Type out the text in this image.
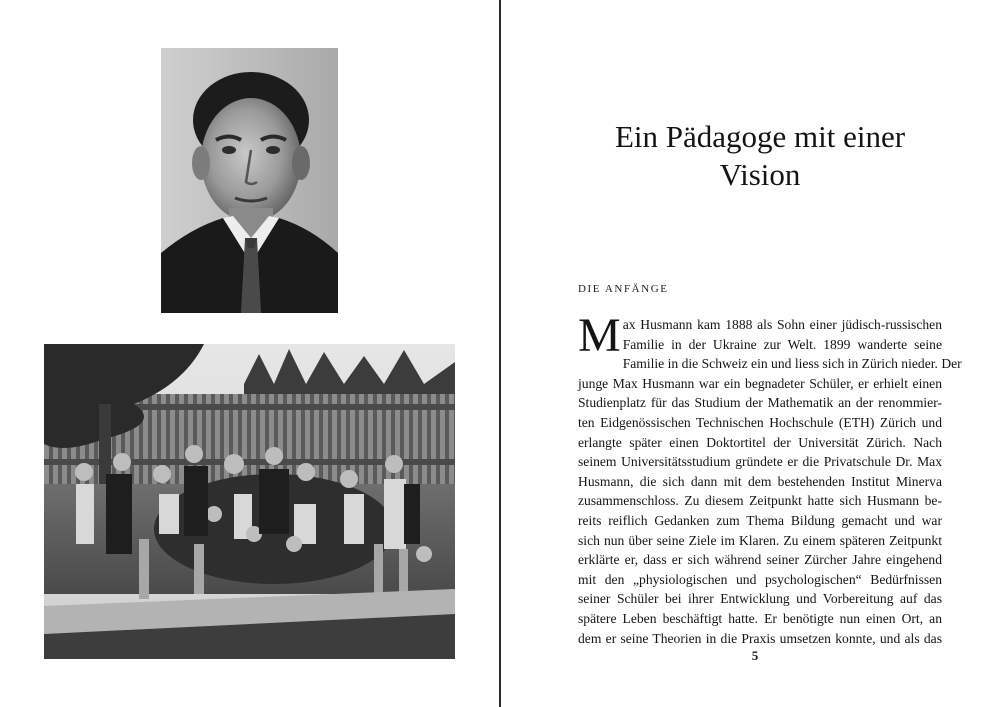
Ein Pädagoge mit einer
Vision
DIE ANFÄNGE
M ax Husmann kam 1888 als Sohn einer jüdisch-russischen
Familie in der Ukraine zur Welt. 1899 wanderte seine
Familie in die Schweiz ein und liess sich in Zürich nieder. Der
junge Max Husmann war ein begnadeter Schüler, er erhielt einen
Studienplatz für das Studium der Mathematik an der renommier-
ten Eidgenössischen Technischen Hochschule (ETH) Zürich und
erlangte später einen Doktortitel der Universität Zürich. Nach
seinem Universitätsstudium gründete er die Privatschule Dr. Max
Husmann, die sich dann mit dem bestehenden Institut Minerva
zusammenschloss. Zu diesem Zeitpunkt hatte sich Husmann be-
reits reiflich Gedanken zum Thema Bildung gemacht und war
sich nun über seine Ziele im Klaren. Zu einem späteren Zeitpunkt
erklärte er, dass er sich während seiner Zürcher Jahre eingehend
mit den „physiologischen und psychologischen“ Bedürfnissen
seiner Schüler bei ihrer Entwicklung und Vorbereitung auf das
spätere Leben beschäftigt hatte. Er benötigte nun einen Ort, an
dem er seine Theorien in die Praxis umsetzen konnte, und als das
5
